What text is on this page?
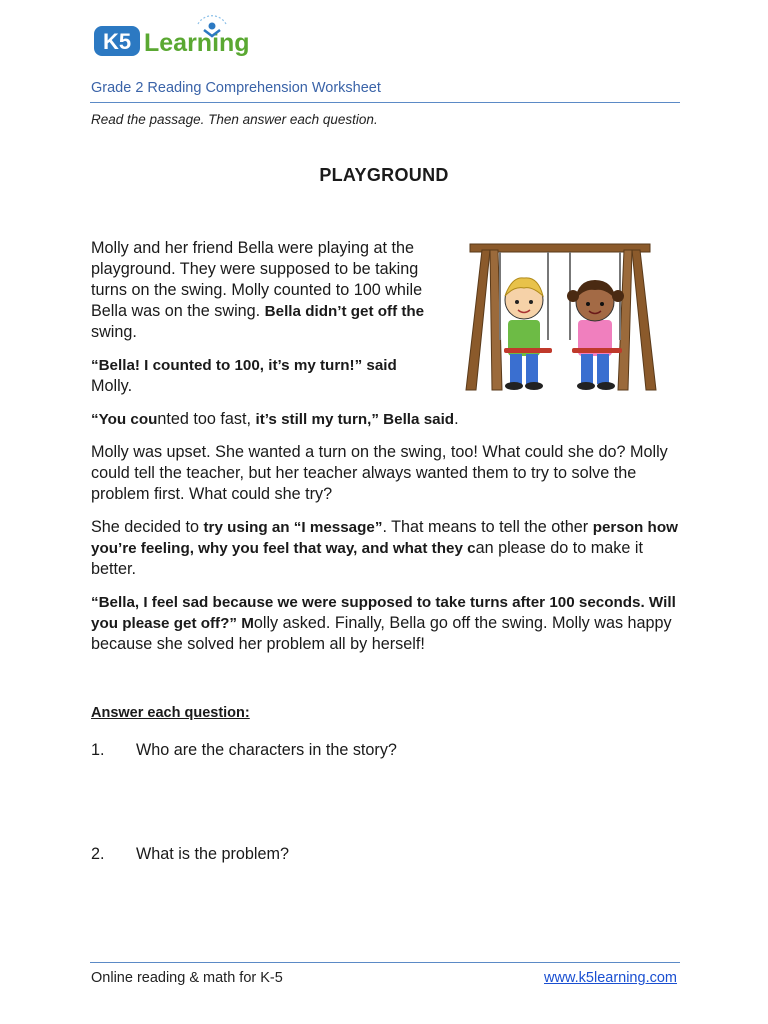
K5 Learning
Grade 2 Reading Comprehension Worksheet
Read the passage. Then answer each question.
PLAYGROUND

Molly and her friend Bella were playing at the playground. They were supposed to be taking turns on the swing. Molly counted to 100 while Bella was on the swing. Bella didn’t get off the swing.

“Bella! I counted to 100, it’s my turn!” said Molly.

“You counted too fast, it’s still my turn,” Bella said.

Molly was upset. She wanted a turn on the swing, too! What could she do? Molly could tell the teacher, but her teacher always wanted them to try to solve the problem first. What could she try?

She decided to try using an “I message”. That means to tell the other person how you’re feeling, why you feel that way, and what they can please do to make it better.

“Bella, I feel sad because we were supposed to take turns after 100 seconds. Will you please get off?” Molly asked. Finally, Bella go off the swing. Molly was happy because she solved her problem all by herself!

Answer each question:
1. Who are the characters in the story?
2. What is the problem?
Online reading & math for K-5	www.k5learning.com
